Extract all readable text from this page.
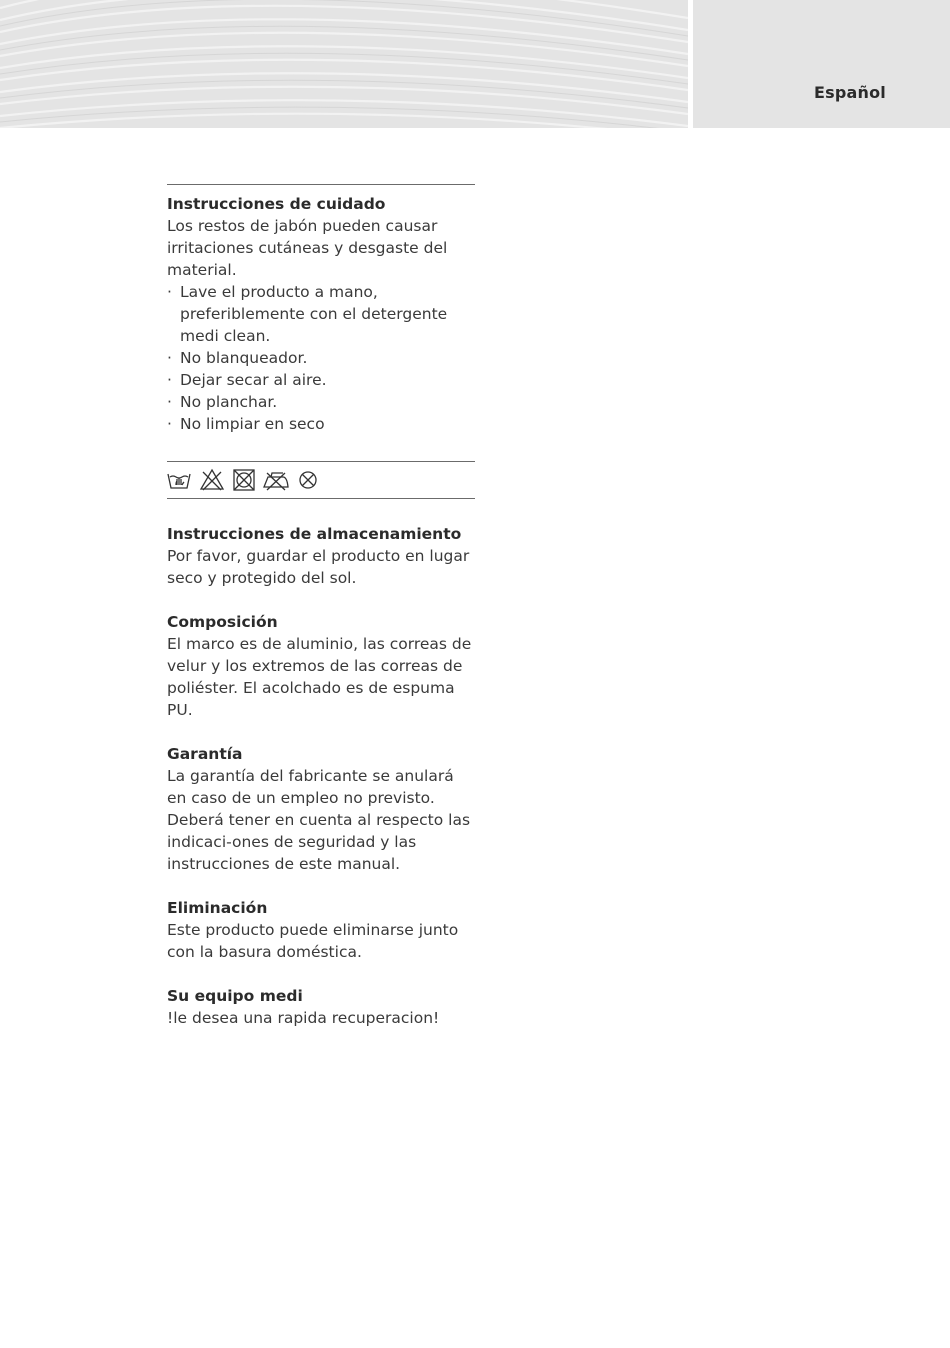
Español

Instrucciones de cuidado

Los restos de jabón pueden causar irritaciones cutáneas y desgaste del material.

· Lave el producto a mano, preferiblemente con el detergente medi clean.
· No blanqueador.
· Dejar secar al aire.
· No planchar.
· No limpiar en seco

Instrucciones de almacenamiento

Por favor, guardar el producto en lugar seco y protegido del sol.

Composición

El marco es de aluminio, las correas de velur y los extremos de las correas de poliéster. El acolchado es de espuma PU.

Garantía

La garantía del fabricante se anulará en caso de un empleo no previsto. Deberá tener en cuenta al respecto las indicaci-ones de seguridad y las instrucciones de este manual.

Eliminación

Este producto puede eliminarse junto con la basura doméstica.

Su equipo medi

!le desea una rapida recuperacion!
